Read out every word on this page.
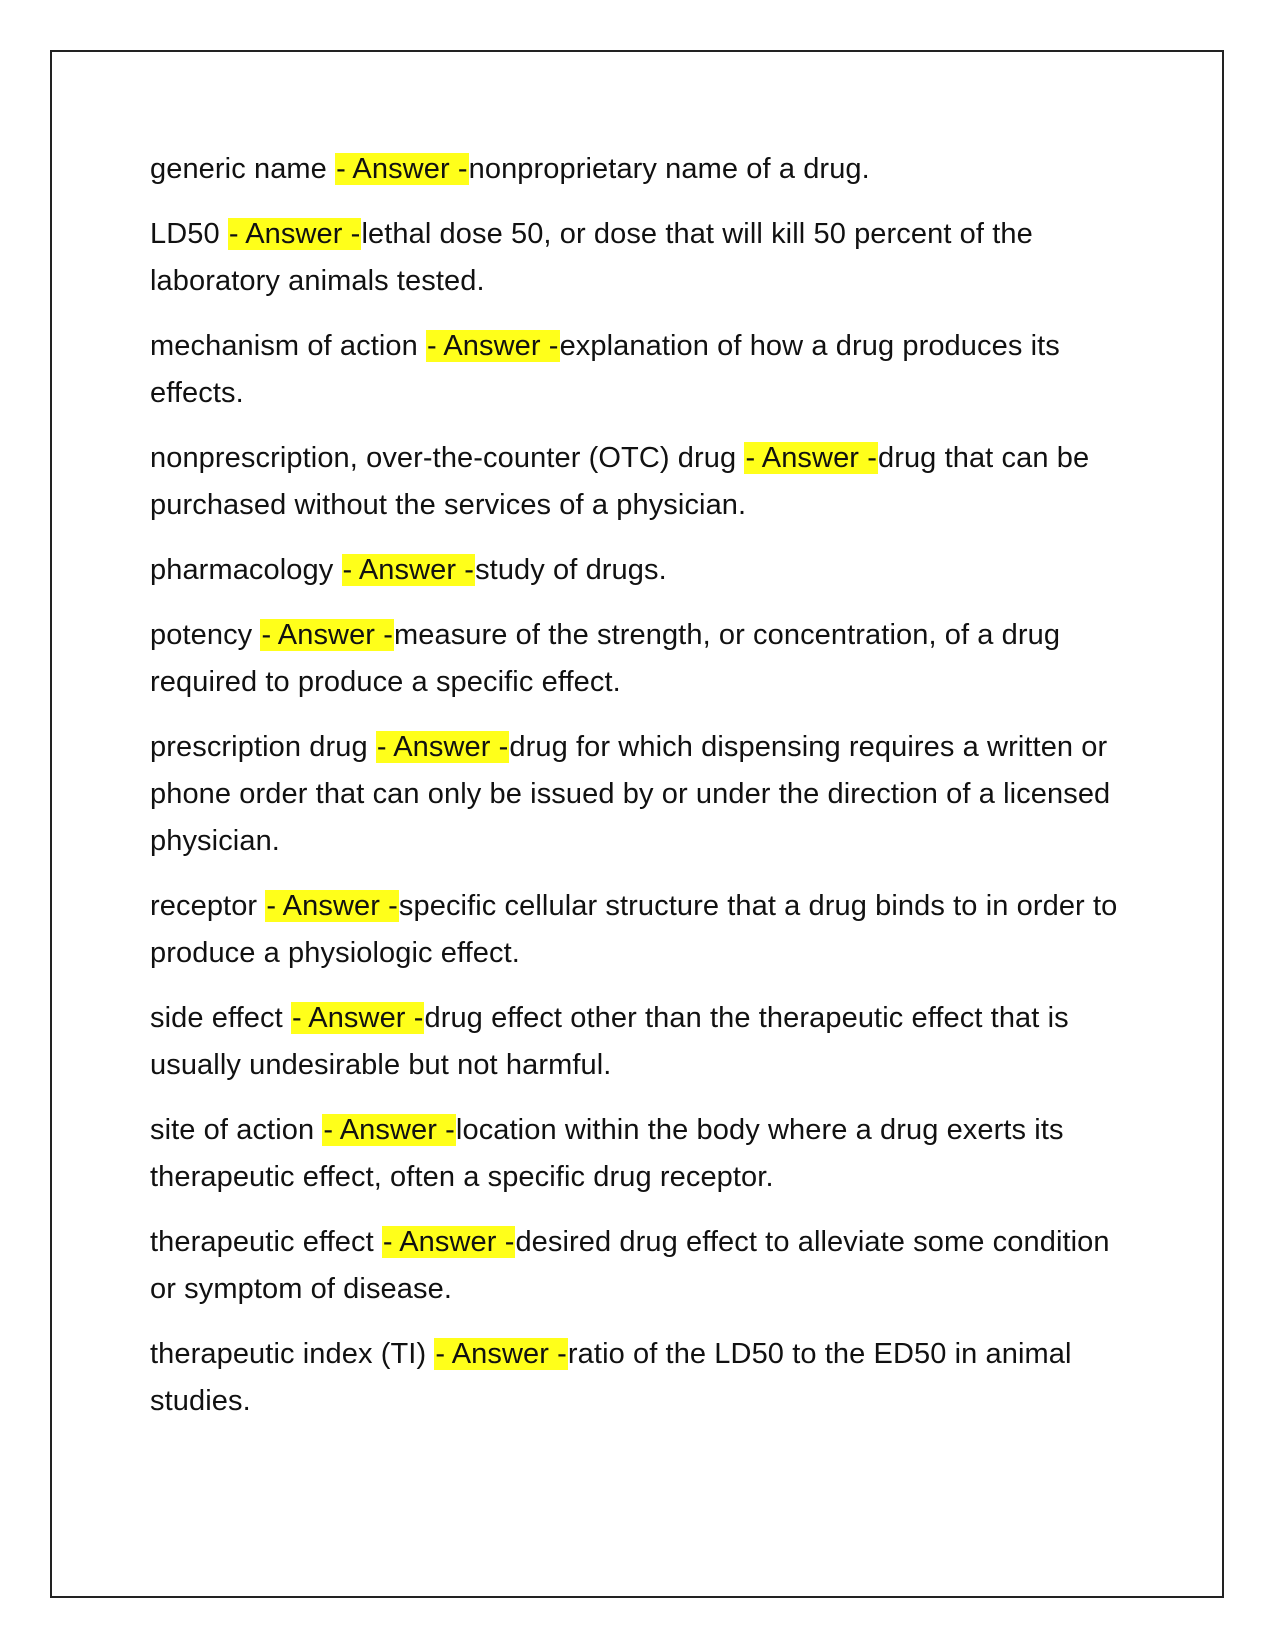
generic name - Answer -nonproprietary name of a drug.

LD50 - Answer -lethal dose 50, or dose that will kill 50 percent of the laboratory animals tested.

mechanism of action - Answer -explanation of how a drug produces its effects.

nonprescription, over-the-counter (OTC) drug - Answer -drug that can be purchased without the services of a physician.

pharmacology - Answer -study of drugs.

potency - Answer -measure of the strength, or concentration, of a drug required to produce a specific effect.

prescription drug - Answer -drug for which dispensing requires a written or phone order that can only be issued by or under the direction of a licensed physician.

receptor - Answer -specific cellular structure that a drug binds to in order to produce a physiologic effect.

side effect - Answer -drug effect other than the therapeutic effect that is usually undesirable but not harmful.

site of action - Answer -location within the body where a drug exerts its therapeutic effect, often a specific drug receptor.

therapeutic effect - Answer -desired drug effect to alleviate some condition or symptom of disease.

therapeutic index (TI) - Answer -ratio of the LD50 to the ED50 in animal studies.
